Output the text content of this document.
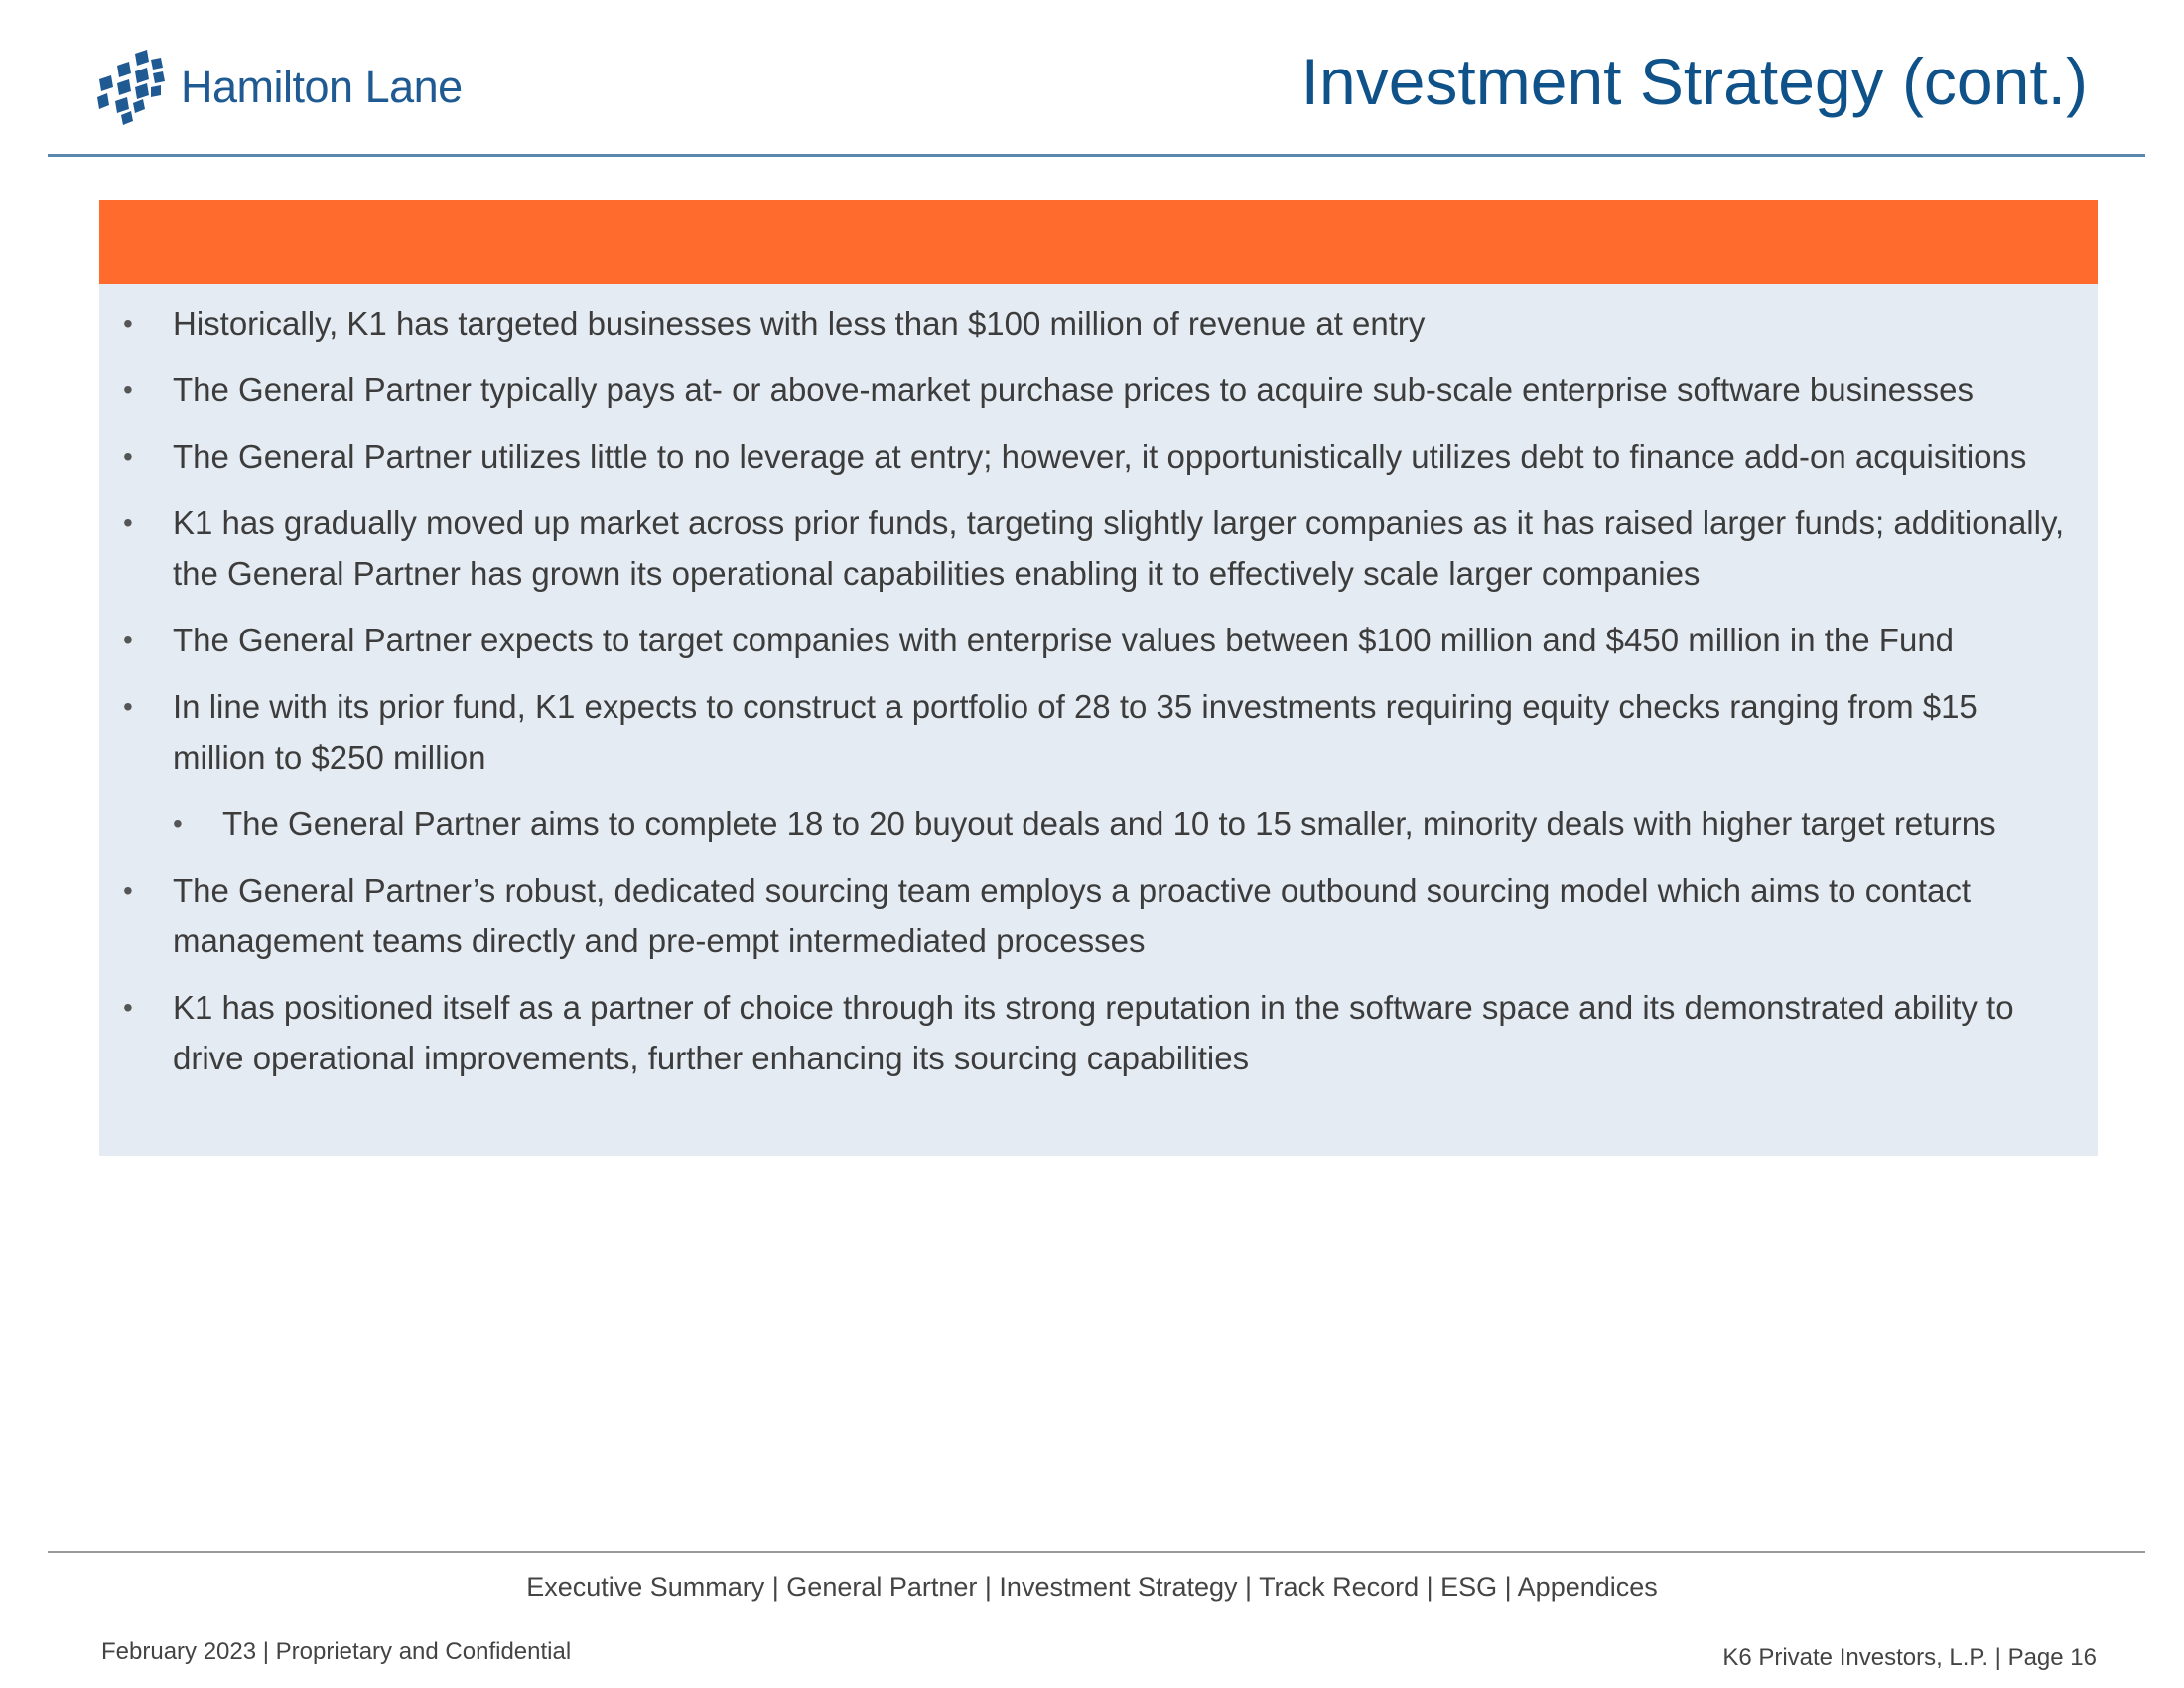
Hamilton Lane	Investment Strategy (cont.)
• Historically, K1 has targeted businesses with less than $100 million of revenue at entry
• The General Partner typically pays at- or above-market purchase prices to acquire sub-scale enterprise software businesses
• The General Partner utilizes little to no leverage at entry; however, it opportunistically utilizes debt to finance add-on acquisitions
• K1 has gradually moved up market across prior funds, targeting slightly larger companies as it has raised larger funds; additionally, the General Partner has grown its operational capabilities enabling it to effectively scale larger companies
• The General Partner expects to target companies with enterprise values between $100 million and $450 million in the Fund
• In line with its prior fund, K1 expects to construct a portfolio of 28 to 35 investments requiring equity checks ranging from $15 million to $250 million
• The General Partner aims to complete 18 to 20 buyout deals and 10 to 15 smaller, minority deals with higher target returns
• The General Partner’s robust, dedicated sourcing team employs a proactive outbound sourcing model which aims to contact management teams directly and pre-empt intermediated processes
• K1 has positioned itself as a partner of choice through its strong reputation in the software space and its demonstrated ability to drive operational improvements, further enhancing its sourcing capabilities
Executive Summary | General Partner | Investment Strategy | Track Record | ESG | Appendices
February 2023 | Proprietary and Confidential	K6 Private Investors, L.P. | Page 16
